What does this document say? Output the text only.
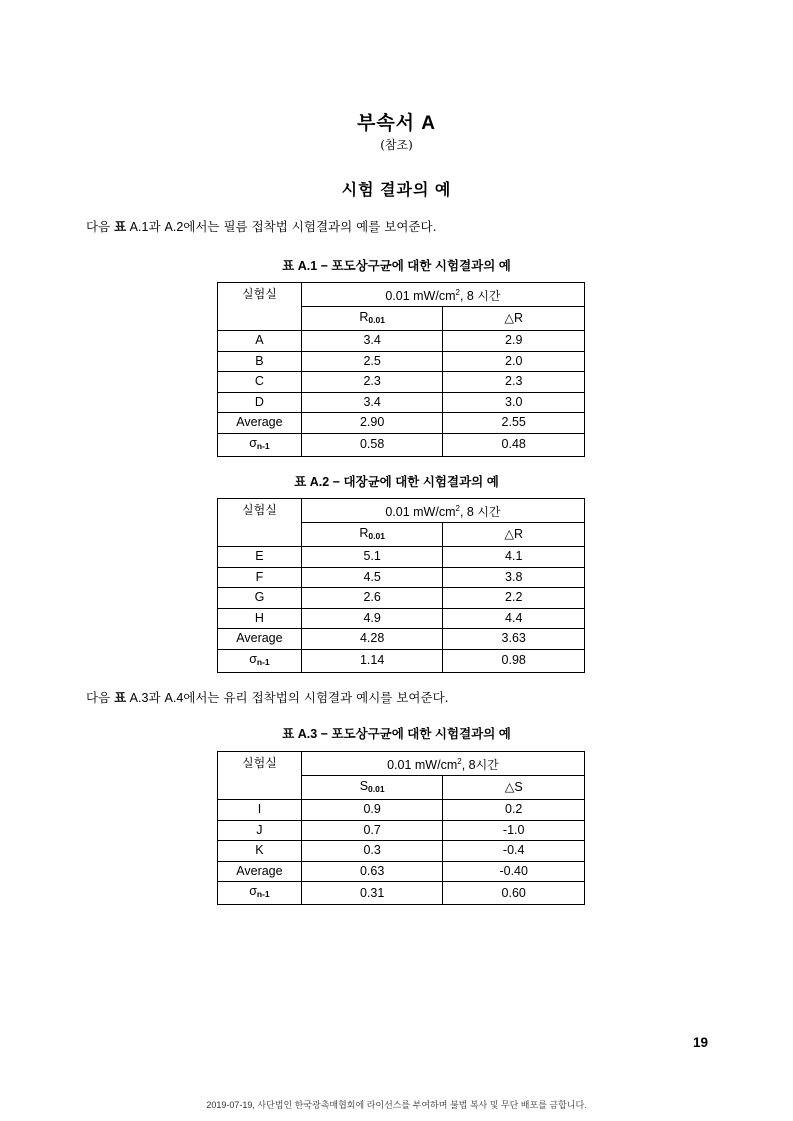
부속서 A
(참조)
시험 결과의 예
다음 표 A.1과 A.2에서는 필름 접착법 시험결과의 예를 보여준다.
표 A.1 − 포도상구균에 대한 시험결과의 예
실험실	0.01 $mW/cm^2$, 8 시간	
	R0.01	△R
A	3.4	2.9
B	2.5	2.0
C	2.3	2.3
D	3.4	3.0
Average	2.90	2.55
σn-1	0.58	0.48
표 A.2 − 대장균에 대한 시험결과의 예
실험실	0.01 $mW/cm^2$, 8 시간	
	R0.01	△R
E	5.1	4.1
F	4.5	3.8
G	2.6	2.2
H	4.9	4.4
Average	4.28	3.63
σn-1	1.14	0.98
다음 표 A.3과 A.4에서는 유리 접착법의 시험결과 예시를 보여준다.
표 A.3 − 포도상구균에 대한 시험결과의 예
실험실	0.01 $mW/cm^2$, 8시간	
	S0.01	△S
I	0.9	0.2
J	0.7	-1.0
K	0.3	-0.4
Average	0.63	-0.40
σn-1	0.31	0.60
19
2019-07-19, 사단법인 한국광촉매협회에 라이선스를 부여하며 불법 복사 및 무단 배포를 금합니다.
